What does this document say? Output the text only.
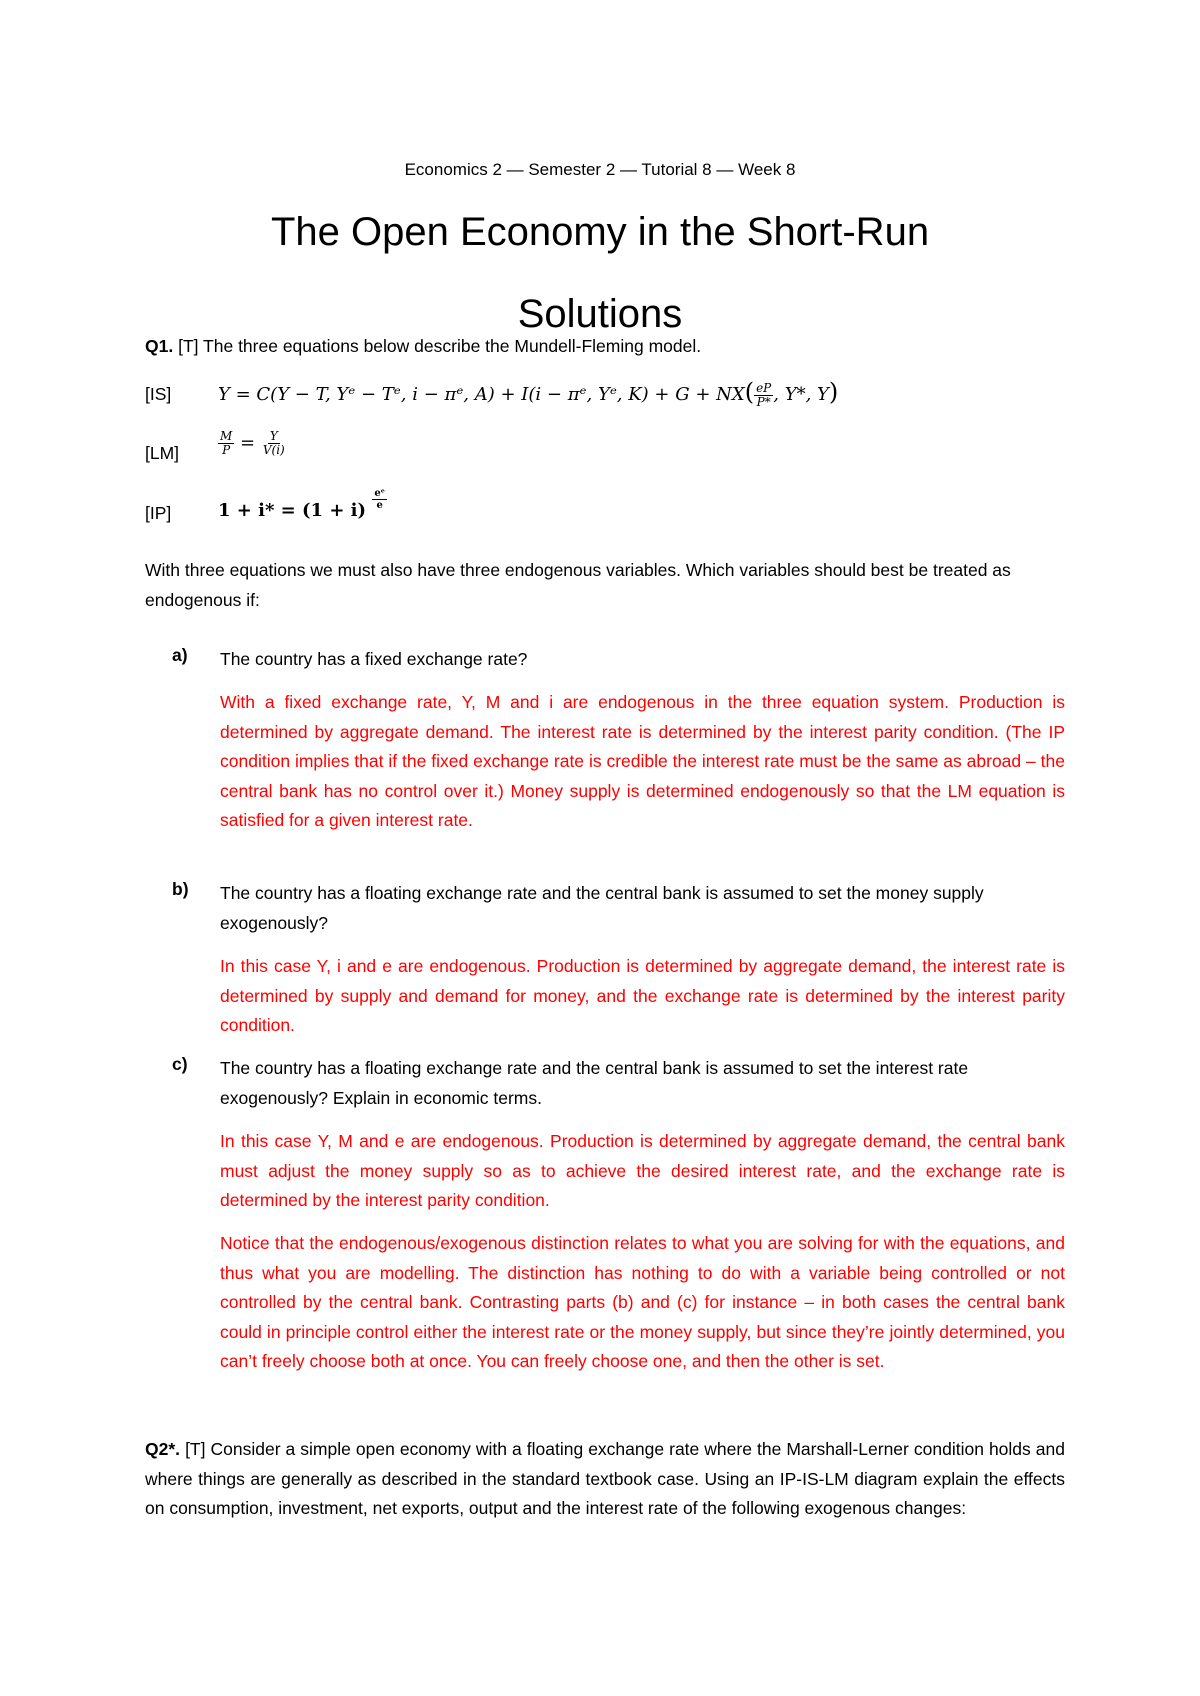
Economics 2 — Semester 2 — Tutorial 8 — Week 8
The Open Economy in the Short-Run
Solutions
Q1. [T] The three equations below describe the Mundell-Fleming model.
[IS]	Y = C(Y − T, Yᵉ − Tᵉ, i − πᵉ, A) + I(i − πᵉ, Yᵉ, $K) + G + NX( \frac{eP}{P*}$ , Y*, Y)
[LM]	$\frac{M}{P} = \frac{Y}{V(i)}$
[IP]	$1 + i* = (1 + i) \frac{\text{eᵉ}}{e}$
With three equations we must also have three endogenous variables. Which variables should best be treated as endogenous if:
a) The country has a fixed exchange rate?
With a fixed exchange rate, Y, M and i are endogenous in the three equation system. Production is determined by aggregate demand. The interest rate is determined by the interest parity condition. (The IP condition implies that if the fixed exchange rate is credible the interest rate must be the same as abroad – the central bank has no control over it.) Money supply is determined endogenously so that the LM equation is satisfied for a given interest rate.
b) The country has a floating exchange rate and the central bank is assumed to set the money supply exogenously?
In this case Y, i and e are endogenous. Production is determined by aggregate demand, the interest rate is determined by supply and demand for money, and the exchange rate is determined by the interest parity condition.
c) The country has a floating exchange rate and the central bank is assumed to set the interest rate exogenously? Explain in economic terms.
In this case Y, M and e are endogenous. Production is determined by aggregate demand, the central bank must adjust the money supply so as to achieve the desired interest rate, and the exchange rate is determined by the interest parity condition.
Notice that the endogenous/exogenous distinction relates to what you are solving for with the equations, and thus what you are modelling. The distinction has nothing to do with a variable being controlled or not controlled by the central bank. Contrasting parts (b) and (c) for instance – in both cases the central bank could in principle control either the interest rate or the money supply, but since they’re jointly determined, you can’t freely choose both at once. You can freely choose one, and then the other is set.
Q2*. [T] Consider a simple open economy with a floating exchange rate where the Marshall-Lerner condition holds and where things are generally as described in the standard textbook case. Using an IP-IS-LM diagram explain the effects on consumption, investment, net exports, output and the interest rate of the following exogenous changes:
